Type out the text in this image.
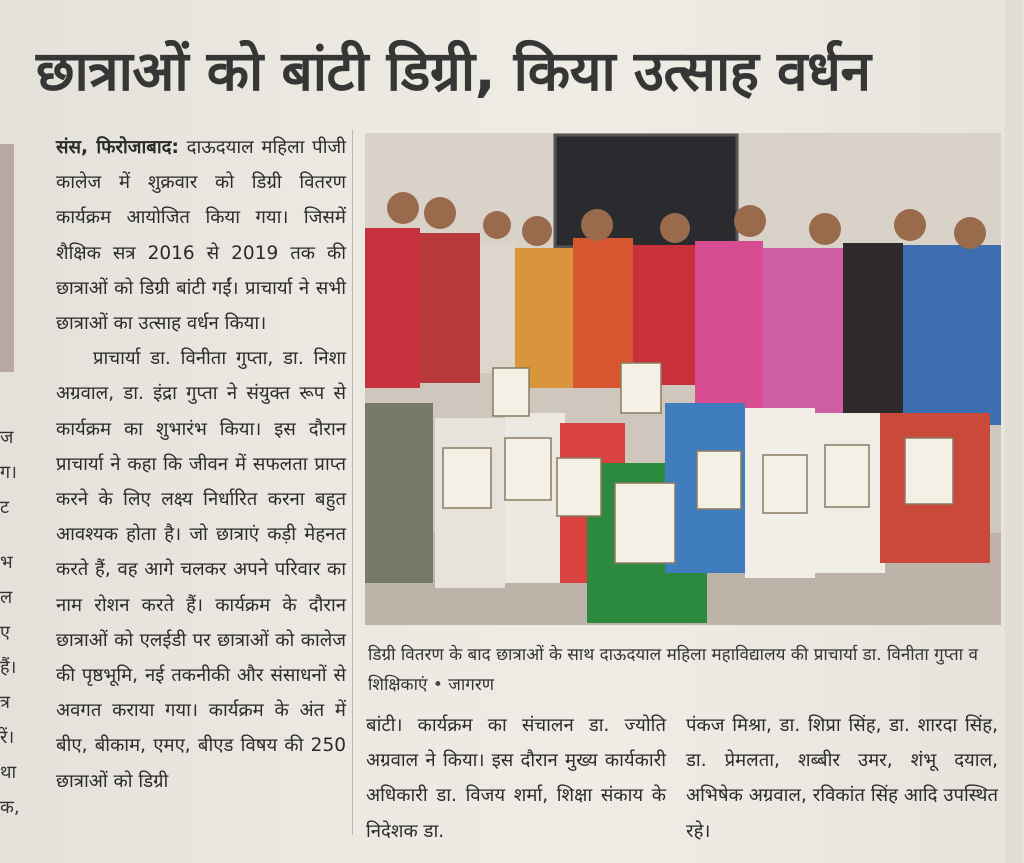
छात्राओं को बांटी डिग्री, किया उत्साह वर्धन
ज
ग।
ट
भ
ल
ए
हैं।
त्र
रें।
था
क,

संस, फिरोजाबाद: दाऊदयाल महिला पीजी कालेज में शुक्रवार को डिग्री वितरण कार्यक्रम आयोजित किया गया। जिसमें शैक्षिक सत्र 2016 से 2019 तक की छात्राओं को डिग्री बांटी गईं। प्राचार्या ने सभी छात्राओं का उत्साह वर्धन किया।

प्राचार्या डा. विनीता गुप्ता, डा. निशा अग्रवाल, डा. इंद्रा गुप्ता ने संयुक्त रूप से कार्यक्रम का शुभारंभ किया। इस दौरान प्राचार्या ने कहा कि जीवन में सफलता प्राप्त करने के लिए लक्ष्य निर्धारित करना बहुत आवश्यक होता है। जो छात्राएं कड़ी मेहनत करते हैं, वह आगे चलकर अपने परिवार का नाम रोशन करते हैं। कार्यक्रम के दौरान छात्राओं को एलईडी पर छात्राओं को कालेज की पृष्ठभूमि, नई तकनीकी और संसाधनों से अवगत कराया गया। कार्यक्रम के अंत में बीए, बीकाम, एमए, बीएड विषय की 250 छात्राओं को डिग्री

डिग्री वितरण के बाद छात्राओं के साथ दाऊदयाल महिला महाविद्यालय की प्राचार्या डा. विनीता गुप्ता व शिक्षिकाएं • जागरण

बांटी। कार्यक्रम का संचालन डा. ज्योति अग्रवाल ने किया। इस दौरान मुख्य कार्यकारी अधिकारी डा. विजय शर्मा, शिक्षा संकाय के निदेशक डा.

पंकज मिश्रा, डा. शिप्रा सिंह, डा. शारदा सिंह, डा. प्रेमलता, शब्बीर उमर, शंभू दयाल, अभिषेक अग्रवाल, रविकांत सिंह आदि उपस्थित रहे।
